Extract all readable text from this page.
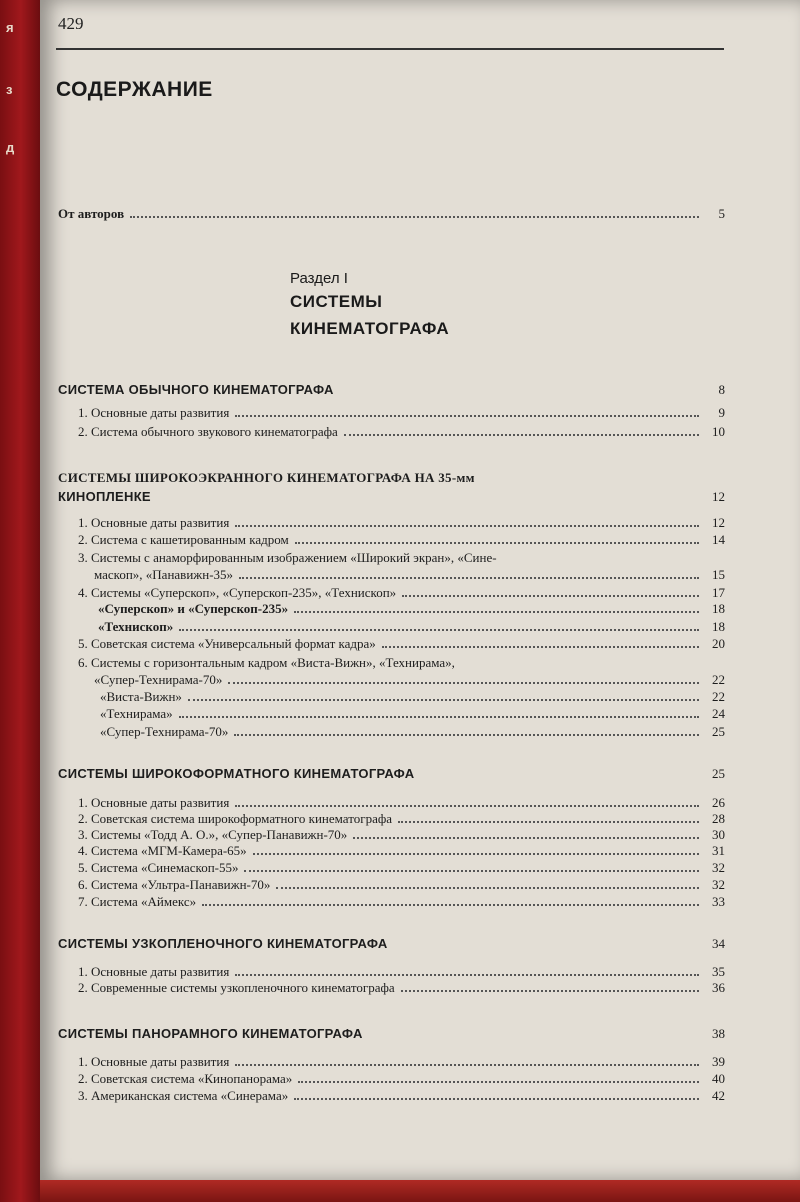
я
з
д
429
СОДЕРЖАНИЕ
От авторов	5
Раздел I
СИСТЕМЫ
КИНЕМАТОГРАФА
СИСТЕМА ОБЫЧНОГО КИНЕМАТОГРАФА	8
1. Основные даты развития	9
2. Система обычного звукового кинематографа	10
СИСТЕМЫ ШИРОКОЭКРАННОГО КИНЕМАТОГРАФА НА 35-мм
КИНОПЛЕНКЕ	12
1. Основные даты развития	12
2. Система с кашетированным кадром	14
3. Системы с анаморфированным изображением «Широкий экран», «Сине-
маскоп», «Панавижн-35»	15
4. Системы «Суперскоп», «Суперскоп-235», «Технископ»	17
«Суперскоп» и «Суперскоп-235»	18
«Технископ»	18
5. Советская система «Универсальный формат кадра»	20
6. Системы с горизонтальным кадром «Виста-Вижн», «Технирама»,
«Супер-Технирама-70»	22
«Виста-Вижн»	22
«Технирама»	24
«Супер-Технирама-70»	25
СИСТЕМЫ ШИРОКОФОРМАТНОГО КИНЕМАТОГРАФА	25
1. Основные даты развития	26
2. Советская система широкоформатного кинематографа	28
3. Системы «Тодд А. О.», «Супер-Панавижн-70»	30
4. Система «МГМ-Камера-65»	31
5. Система «Синемаскоп-55»	32
6. Система «Ультра-Панавижн-70»	32
7. Система «Аймекс»	33
СИСТЕМЫ УЗКОПЛЕНОЧНОГО КИНЕМАТОГРАФА	34
1. Основные даты развития	35
2. Современные системы узкопленочного кинематографа	36
СИСТЕМЫ ПАНОРАМНОГО КИНЕМАТОГРАФА	38
1. Основные даты развития	39
2. Советская система «Кинопанорама»	40
3. Американская система «Синерама»	42
